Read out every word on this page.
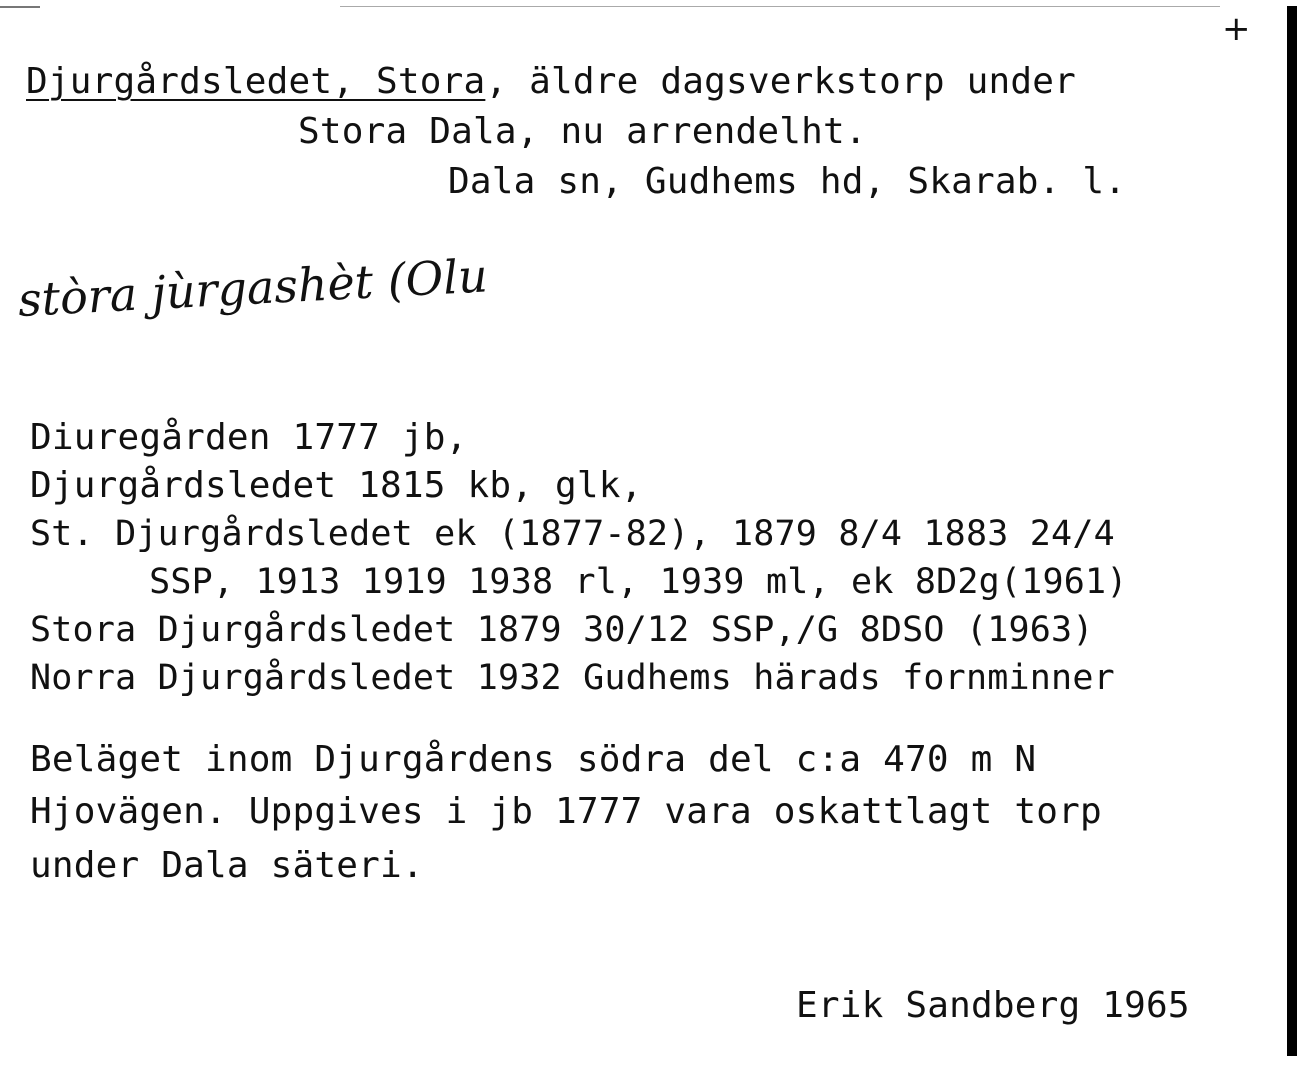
+
Djurgårdsledet, Stora, äldre dagsverkstorp under
Stora Dala, nu arrendelht.
Dala sn, Gudhems hd, Skarab. l.
stòra jùrgashèt (Olu
Diuregården 1777 jb,
Djurgårdsledet 1815 kb, glk,
St. Djurgårdsledet ek (1877-82), 1879 8/4 1883 24/4
SSP, 1913 1919 1938 rl, 1939 ml, ek 8D2g(1961)
Stora Djurgårdsledet 1879 30/12 SSP,/G 8DSO (1963)
Norra Djurgårdsledet 1932 Gudhems härads fornminner
Beläget inom Djurgårdens södra del c:a 470 m N
Hjovägen. Uppgives i jb 1777 vara oskattlagt torp
under Dala säteri.
Erik Sandberg 1965
